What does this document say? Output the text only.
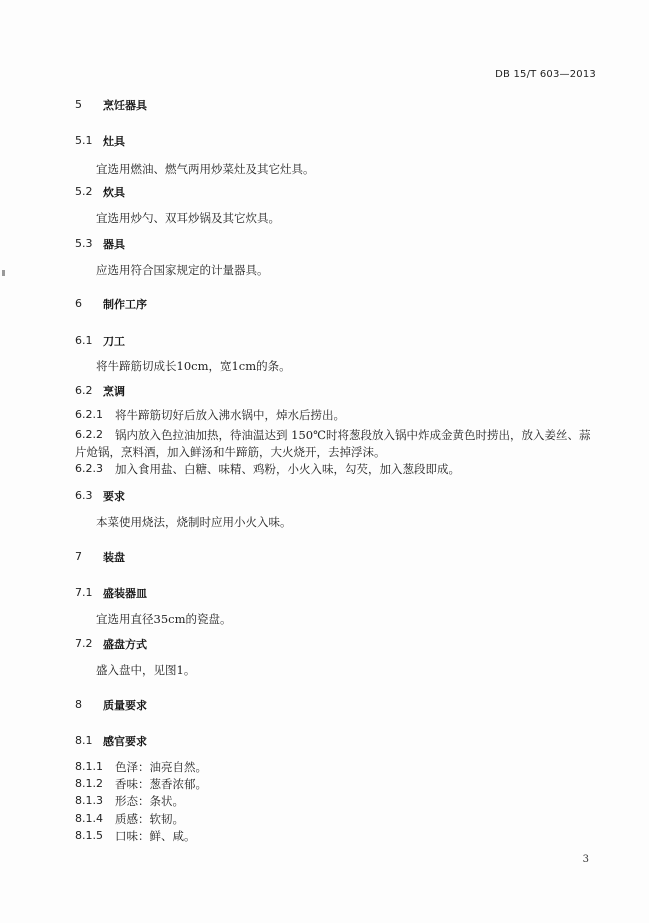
DB 15/T 603—2013
5 烹饪器具
5.1 灶具
宜选用燃油、燃气两用炒菜灶及其它灶具。
5.2 炊具
宜选用炒勺、双耳炒锅及其它炊具。
5.3 器具
应选用符合国家规定的计量器具。
6 制作工序
6.1 刀工
将牛蹄筋切成长10cm，宽1cm的条。
6.2 烹调
6.2.1 将牛蹄筋切好后放入沸水锅中，焯水后捞出。
6.2.2 锅内放入色拉油加热，待油温达到 150℃时将葱段放入锅中炸成金黄色时捞出，放入姜丝、蒜
片炝锅，烹料酒，加入鲜汤和牛蹄筋，大火烧开，去掉浮沫。
6.2.3 加入食用盐、白糖、味精、鸡粉，小火入味，勾芡，加入葱段即成。
6.3 要求
本菜使用烧法，烧制时应用小火入味。
7 装盘
7.1 盛装器皿
宜选用直径35cm的瓷盘。
7.2 盛盘方式
盛入盘中，见图1。
8 质量要求
8.1 感官要求
8.1.1 色泽：油亮自然。
8.1.2 香味：葱香浓郁。
8.1.3 形态：条状。
8.1.4 质感：软韧。
8.1.5 口味：鲜、咸。
3
